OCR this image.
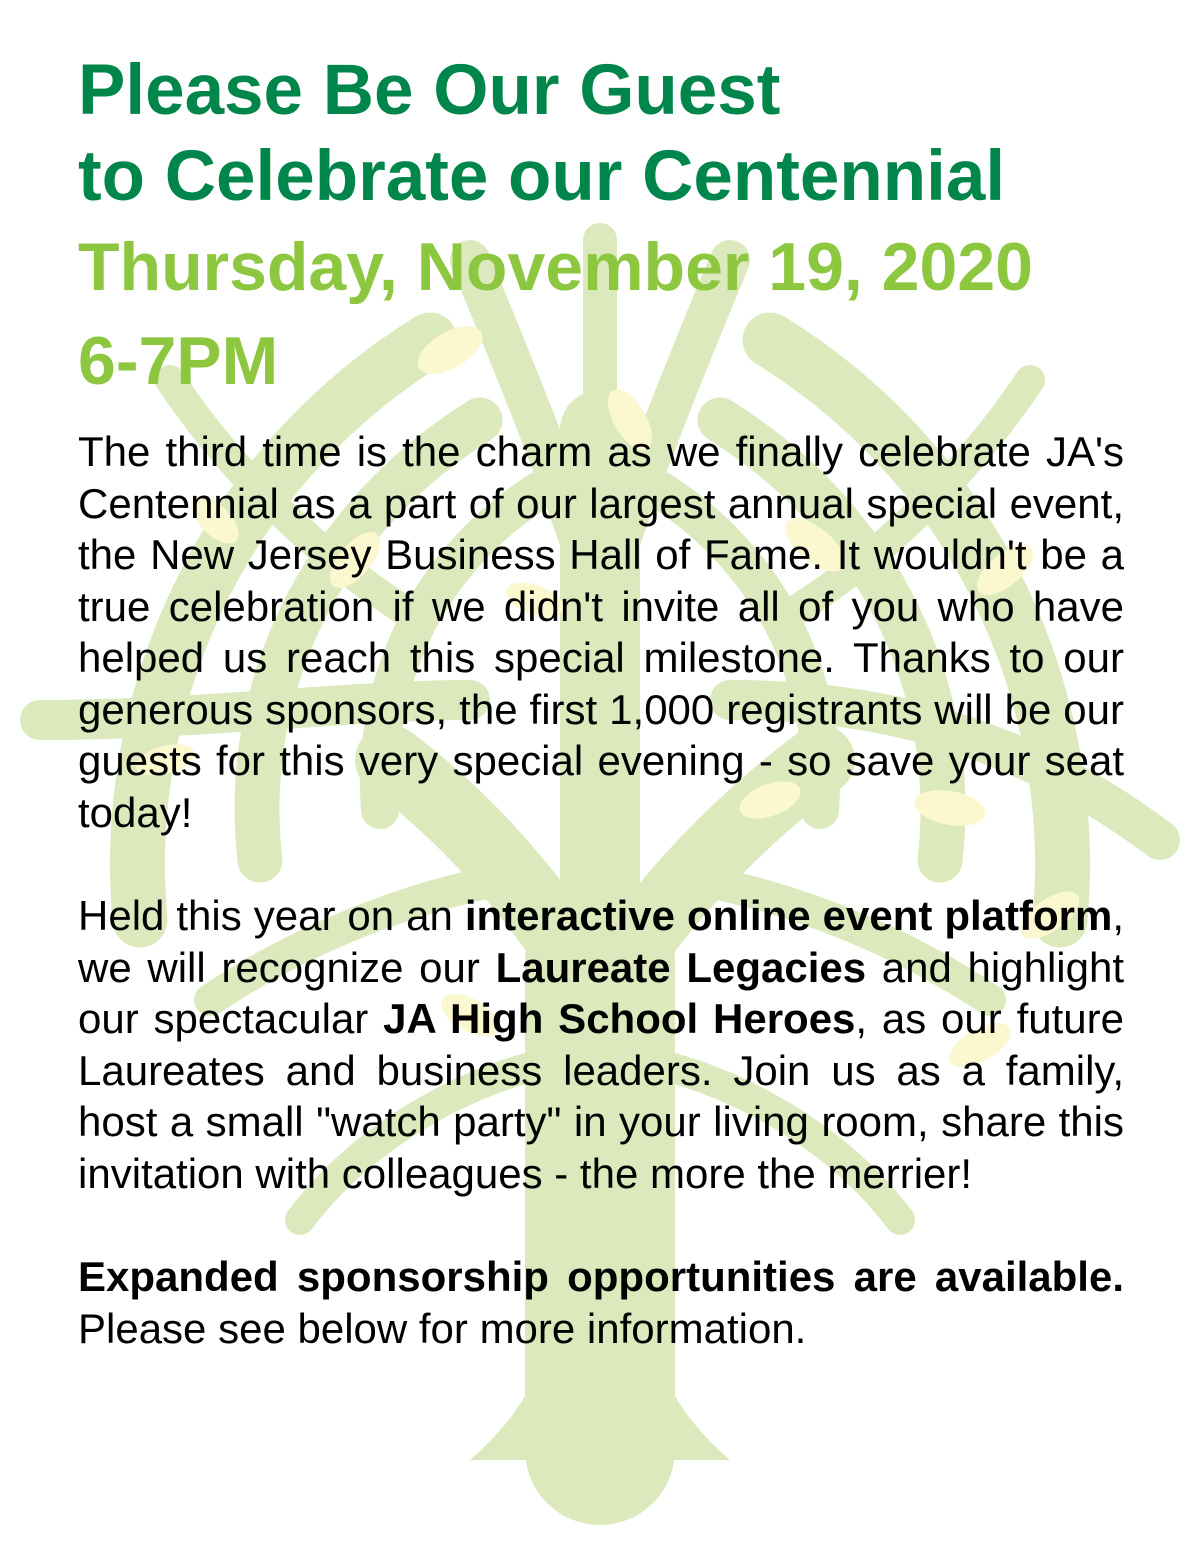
Please Be Our Guest
to Celebrate our Centennial

Thursday, November 19, 2020

6-7PM

The third time is the charm as we finally celebrate JA's Centennial as a part of our largest annual special event, the New Jersey Business Hall of Fame. It wouldn't be a true celebration if we didn't invite all of you who have helped us reach this special milestone. Thanks to our generous sponsors, the first 1,000 registrants will be our guests for this very special evening - so save your seat today!

Held this year on an interactive online event platform, we will recognize our Laureate Legacies and highlight our spectacular JA High School Heroes, as our future Laureates and business leaders. Join us as a family, host a small "watch party" in your living room, share this invitation with colleagues - the more the merrier!

Expanded sponsorship opportunities are available. Please see below for more information.
